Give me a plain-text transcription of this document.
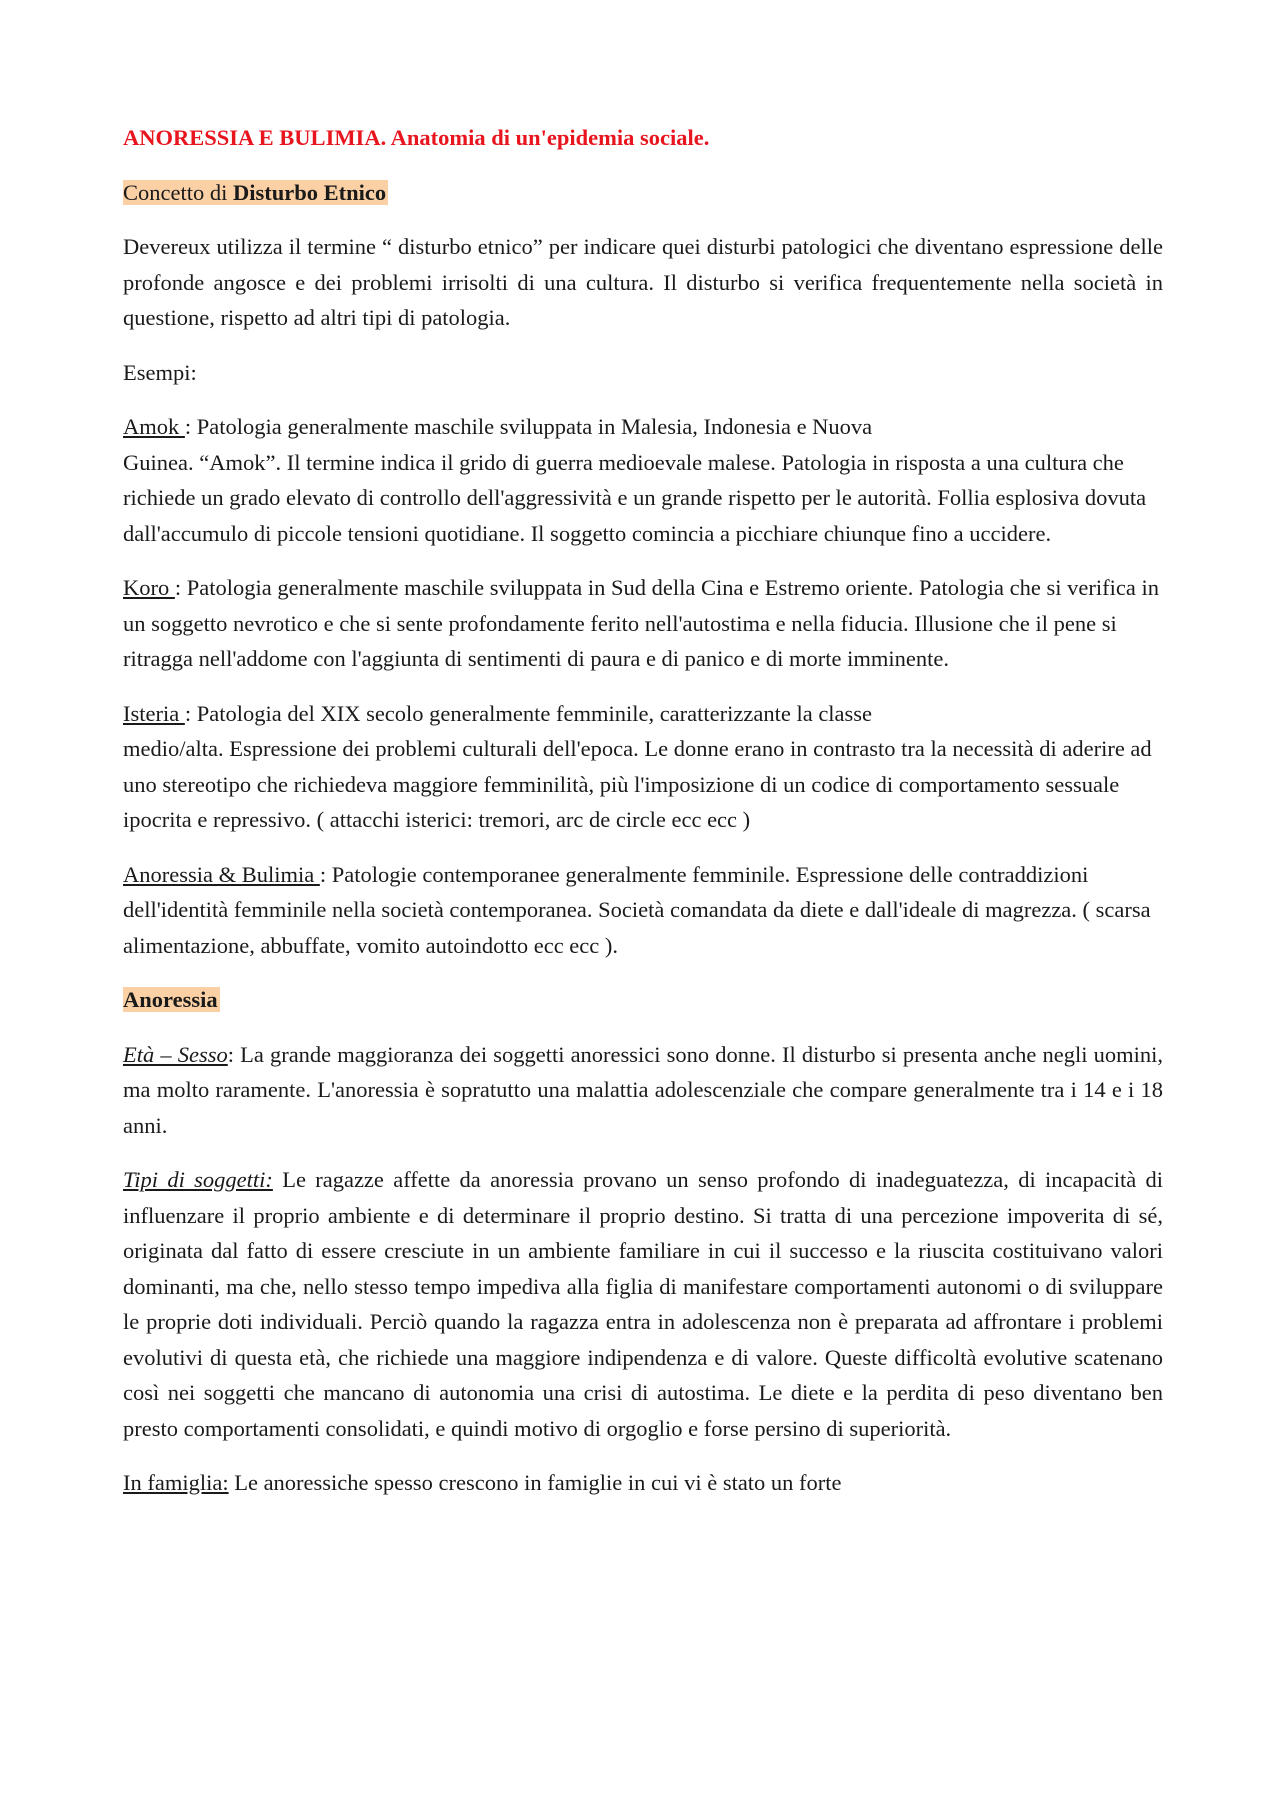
ANORESSIA E BULIMIA. Anatomia di un'epidemia sociale.
Concetto di Disturbo Etnico
Devereux utilizza il termine “ disturbo etnico” per indicare quei disturbi patologici che diventano espressione delle profonde angosce e dei problemi irrisolti di una cultura. Il disturbo si verifica frequentemente nella società in questione, rispetto ad altri tipi di patologia.
Esempi:
Amok : Patologia generalmente maschile sviluppata in Malesia, Indonesia e Nuova
Guinea. “Amok”. Il termine indica il grido di guerra medioevale malese. Patologia in risposta a una cultura che richiede un grado elevato di controllo dell'aggressività e un grande rispetto per le autorità. Follia esplosiva dovuta dall'accumulo di piccole tensioni quotidiane. Il soggetto comincia a picchiare chiunque fino a uccidere.
Koro : Patologia generalmente maschile sviluppata in Sud della Cina e Estremo oriente. Patologia che si verifica in un soggetto nevrotico e che si sente profondamente ferito nell'autostima e nella fiducia. Illusione che il pene si ritragga nell'addome con l'aggiunta di sentimenti di paura e di panico e di morte imminente.
Isteria : Patologia del XIX secolo generalmente femminile, caratterizzante la classe
medio/alta. Espressione dei problemi culturali dell'epoca. Le donne erano in contrasto tra la necessità di aderire ad uno stereotipo che richiedeva maggiore femminilità, più l'imposizione di un codice di comportamento sessuale ipocrita e repressivo. ( attacchi isterici: tremori, arc de circle ecc ecc )
Anoressia & Bulimia : Patologie contemporanee generalmente femminile. Espressione delle contraddizioni dell'identità femminile nella società contemporanea. Società comandata da diete e dall'ideale di magrezza. ( scarsa alimentazione, abbuffate, vomito autoindotto ecc ecc ).
Anoressia
Età – Sesso: La grande maggioranza dei soggetti anoressici sono donne. Il disturbo si presenta anche negli uomini, ma molto raramente. L'anoressia è sopratutto una malattia adolescenziale che compare generalmente tra i 14 e i 18 anni.
Tipi di soggetti: Le ragazze affette da anoressia provano un senso profondo di inadeguatezza, di incapacità di influenzare il proprio ambiente e di determinare il proprio destino. Si tratta di una percezione impoverita di sé, originata dal fatto di essere cresciute in un ambiente familiare in cui il successo e la riuscita costituivano valori dominanti, ma che, nello stesso tempo impediva alla figlia di manifestare comportamenti autonomi o di sviluppare le proprie doti individuali. Perciò quando la ragazza entra in adolescenza non è preparata ad affrontare i problemi evolutivi di questa età, che richiede una maggiore indipendenza e di valore. Queste difficoltà evolutive scatenano così nei soggetti che mancano di autonomia una crisi di autostima. Le diete e la perdita di peso diventano ben presto comportamenti consolidati, e quindi motivo di orgoglio e forse persino di superiorità.
In famiglia: Le anoressiche spesso crescono in famiglie in cui vi è stato un forte
